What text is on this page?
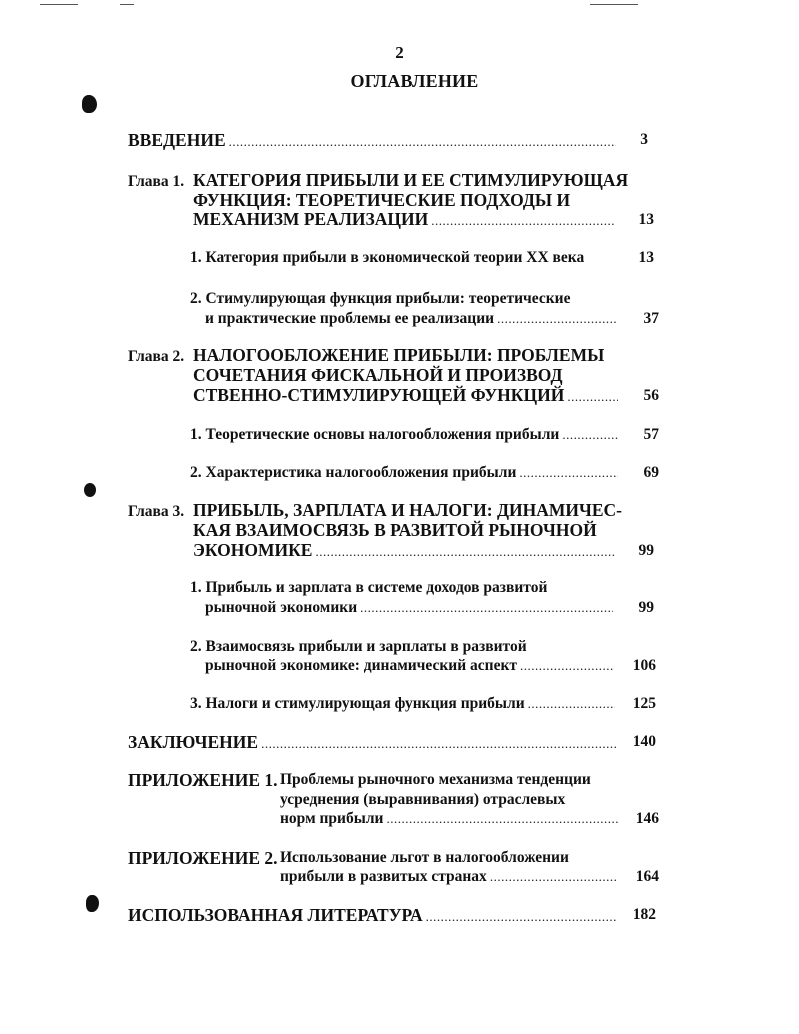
2
ОГЛАВЛЕНИЕ
ВВЕДЕНИЕ .....	3
Глава 1. КАТЕГОРИЯ ПРИБЫЛИ И ЕЕ СТИМУЛИРУЮЩАЯ
ФУНКЦИЯ: ТЕОРЕТИЧЕСКИЕ ПОДХОДЫ И
МЕХАНИЗМ РЕАЛИЗАЦИИ .....	13
1. Категория прибыли в экономической теории XX века	13
2. Стимулирующая функция прибыли: теоретические
и практические проблемы ее реализации .....	37
Глава 2. НАЛОГООБЛОЖЕНИЕ ПРИБЫЛИ: ПРОБЛЕМЫ
СОЧЕТАНИЯ ФИСКАЛЬНОЙ И ПРОИЗВОД
СТВЕННО-СТИМУЛИРУЮЩЕЙ ФУНКЦИЙ .....	56
1. Теоретические основы налогообложения прибыли .....	57
2. Характеристика налогообложения прибыли .....	69
Глава 3. ПРИБЫЛЬ, ЗАРПЛАТА И НАЛОГИ: ДИНАМИЧЕС-
КАЯ ВЗАИМОСВЯЗЬ В РАЗВИТОЙ РЫНОЧНОЙ
ЭКОНОМИКЕ .....	99
1. Прибыль и зарплата в системе доходов развитой
рыночной экономики .....	99
2. Взаимосвязь прибыли и зарплаты в развитой
рыночной экономике: динамический аспект .....	106
3. Налоги и стимулирующая функция прибыли .....	125
ЗАКЛЮЧЕНИЕ .....	140
ПРИЛОЖЕНИЕ 1. Проблемы рыночного механизма тенденции
усреднения (выравнивания) отраслевых
норм прибыли .....	146
ПРИЛОЖЕНИЕ 2. Использование льгот в налогообложении
прибыли в развитых странах .....	164
ИСПОЛЬЗОВАННАЯ ЛИТЕРАТУРА .....	182
